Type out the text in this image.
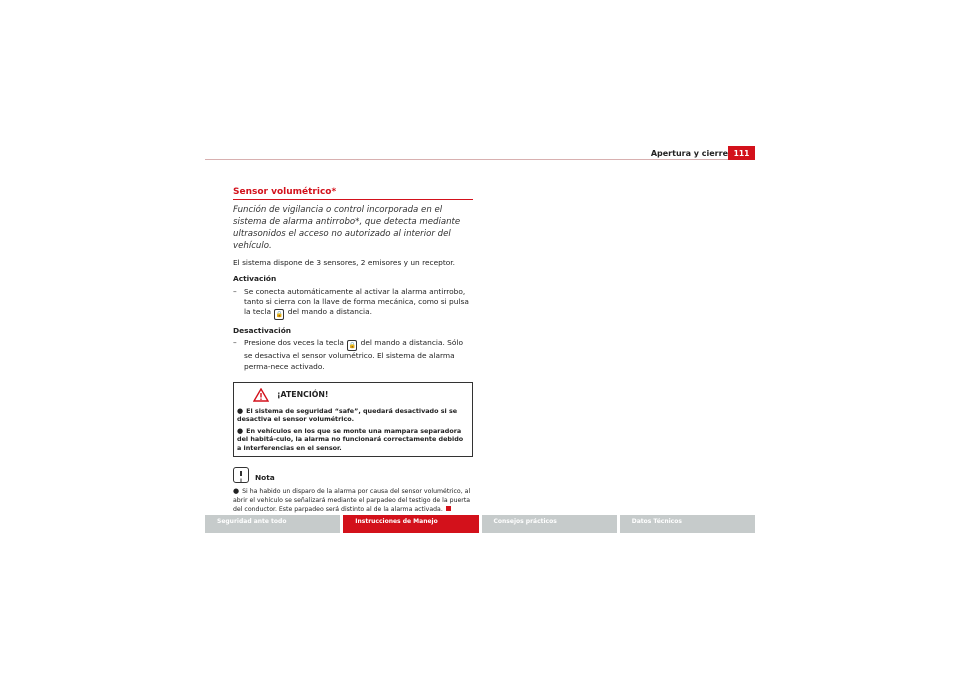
Apertura y cierre 111
Sensor volumétrico*

Función de vigilancia o control incorporada en el sistema de alarma antirrobo*, que detecta mediante ultrasonidos el acceso no autorizado al interior del vehículo.

El sistema dispone de 3 sensores, 2 emisores y un receptor.

Activación

– Se conecta automáticamente al activar la alarma antirrobo, tanto si cierra con la llave de forma mecánica, como si pulsa la tecla 🔒 del mando a distancia.

Desactivación

– Presione dos veces la tecla 🔒 del mando a distancia. Sólo se desactiva el sensor volumétrico. El sistema de alarma perma-nece activado.
¡ATENCIÓN!

● El sistema de seguridad “safe”, quedará desactivado si se desactiva el sensor volumétrico.

● En vehículos en los que se monte una mampara separadora del habitá-culo, la alarma no funcionará correctamente debido a interferencias en el sensor.

Nota

● Si ha habido un disparo de la alarma por causa del sensor volumétrico, al abrir el vehículo se señalizará mediante el parpadeo del testigo de la puerta del conductor. Este parpadeo será distinto al de la alarma activada.

Seguridad ante todo	Instrucciones de Manejo	Consejos prácticos	Datos Técnicos
